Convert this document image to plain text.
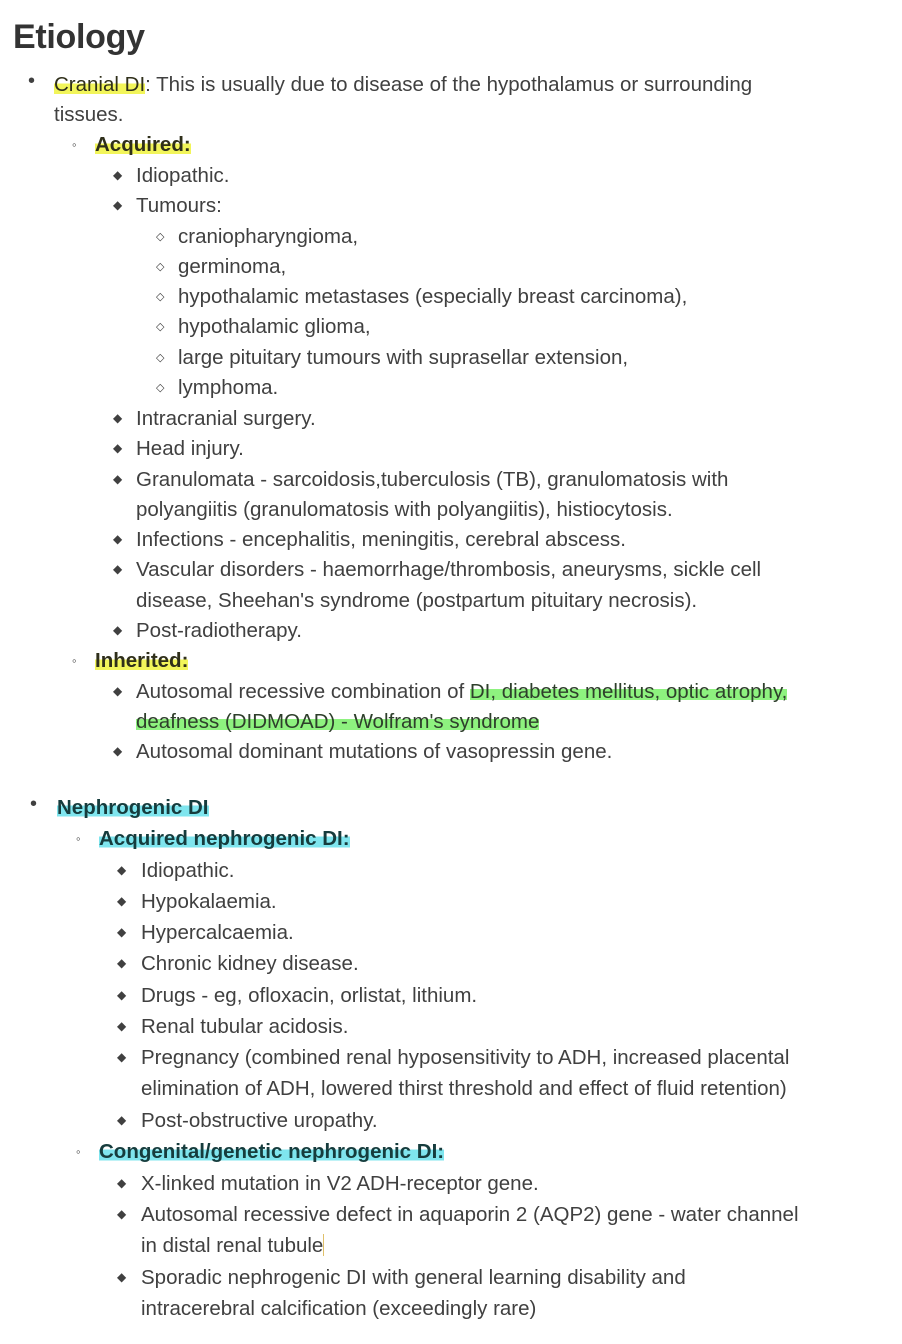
Etiology
• Cranial DI: This is usually due to disease of the hypothalamus or surrounding
tissues.
◦ Acquired:
◆ Idiopathic.
◆ Tumours:
◇ craniopharyngioma,
◇ germinoma,
◇ hypothalamic metastases (especially breast carcinoma),
◇ hypothalamic glioma,
◇ large pituitary tumours with suprasellar extension,
◇ lymphoma.
◆ Intracranial surgery.
◆ Head injury.
◆ Granulomata - sarcoidosis,tuberculosis (TB), granulomatosis with
polyangiitis (granulomatosis with polyangiitis), histiocytosis.
◆ Infections - encephalitis, meningitis, cerebral abscess.
◆ Vascular disorders - haemorrhage/thrombosis, aneurysms, sickle cell
disease, Sheehan's syndrome (postpartum pituitary necrosis).
◆ Post-radiotherapy.
◦ Inherited:
◆ Autosomal recessive combination of DI, diabetes mellitus, optic atrophy,
deafness (DIDMOAD) - Wolfram's syndrome
◆ Autosomal dominant mutations of vasopressin gene.
• Nephrogenic DI
◦ Acquired nephrogenic DI:
◆ Idiopathic.
◆ Hypokalaemia.
◆ Hypercalcaemia.
◆ Chronic kidney disease.
◆ Drugs - eg, ofloxacin, orlistat, lithium.
◆ Renal tubular acidosis.
◆ Pregnancy (combined renal hyposensitivity to ADH, increased placental
elimination of ADH, lowered thirst threshold and effect of fluid retention)
◆ Post-obstructive uropathy.
◦ Congenital/genetic nephrogenic DI:
◆ X-linked mutation in V2 ADH-receptor gene.
◆ Autosomal recessive defect in aquaporin 2 (AQP2) gene - water channel
in distal renal tubule
◆ Sporadic nephrogenic DI with general learning disability and
intracerebral calcification (exceedingly rare)
